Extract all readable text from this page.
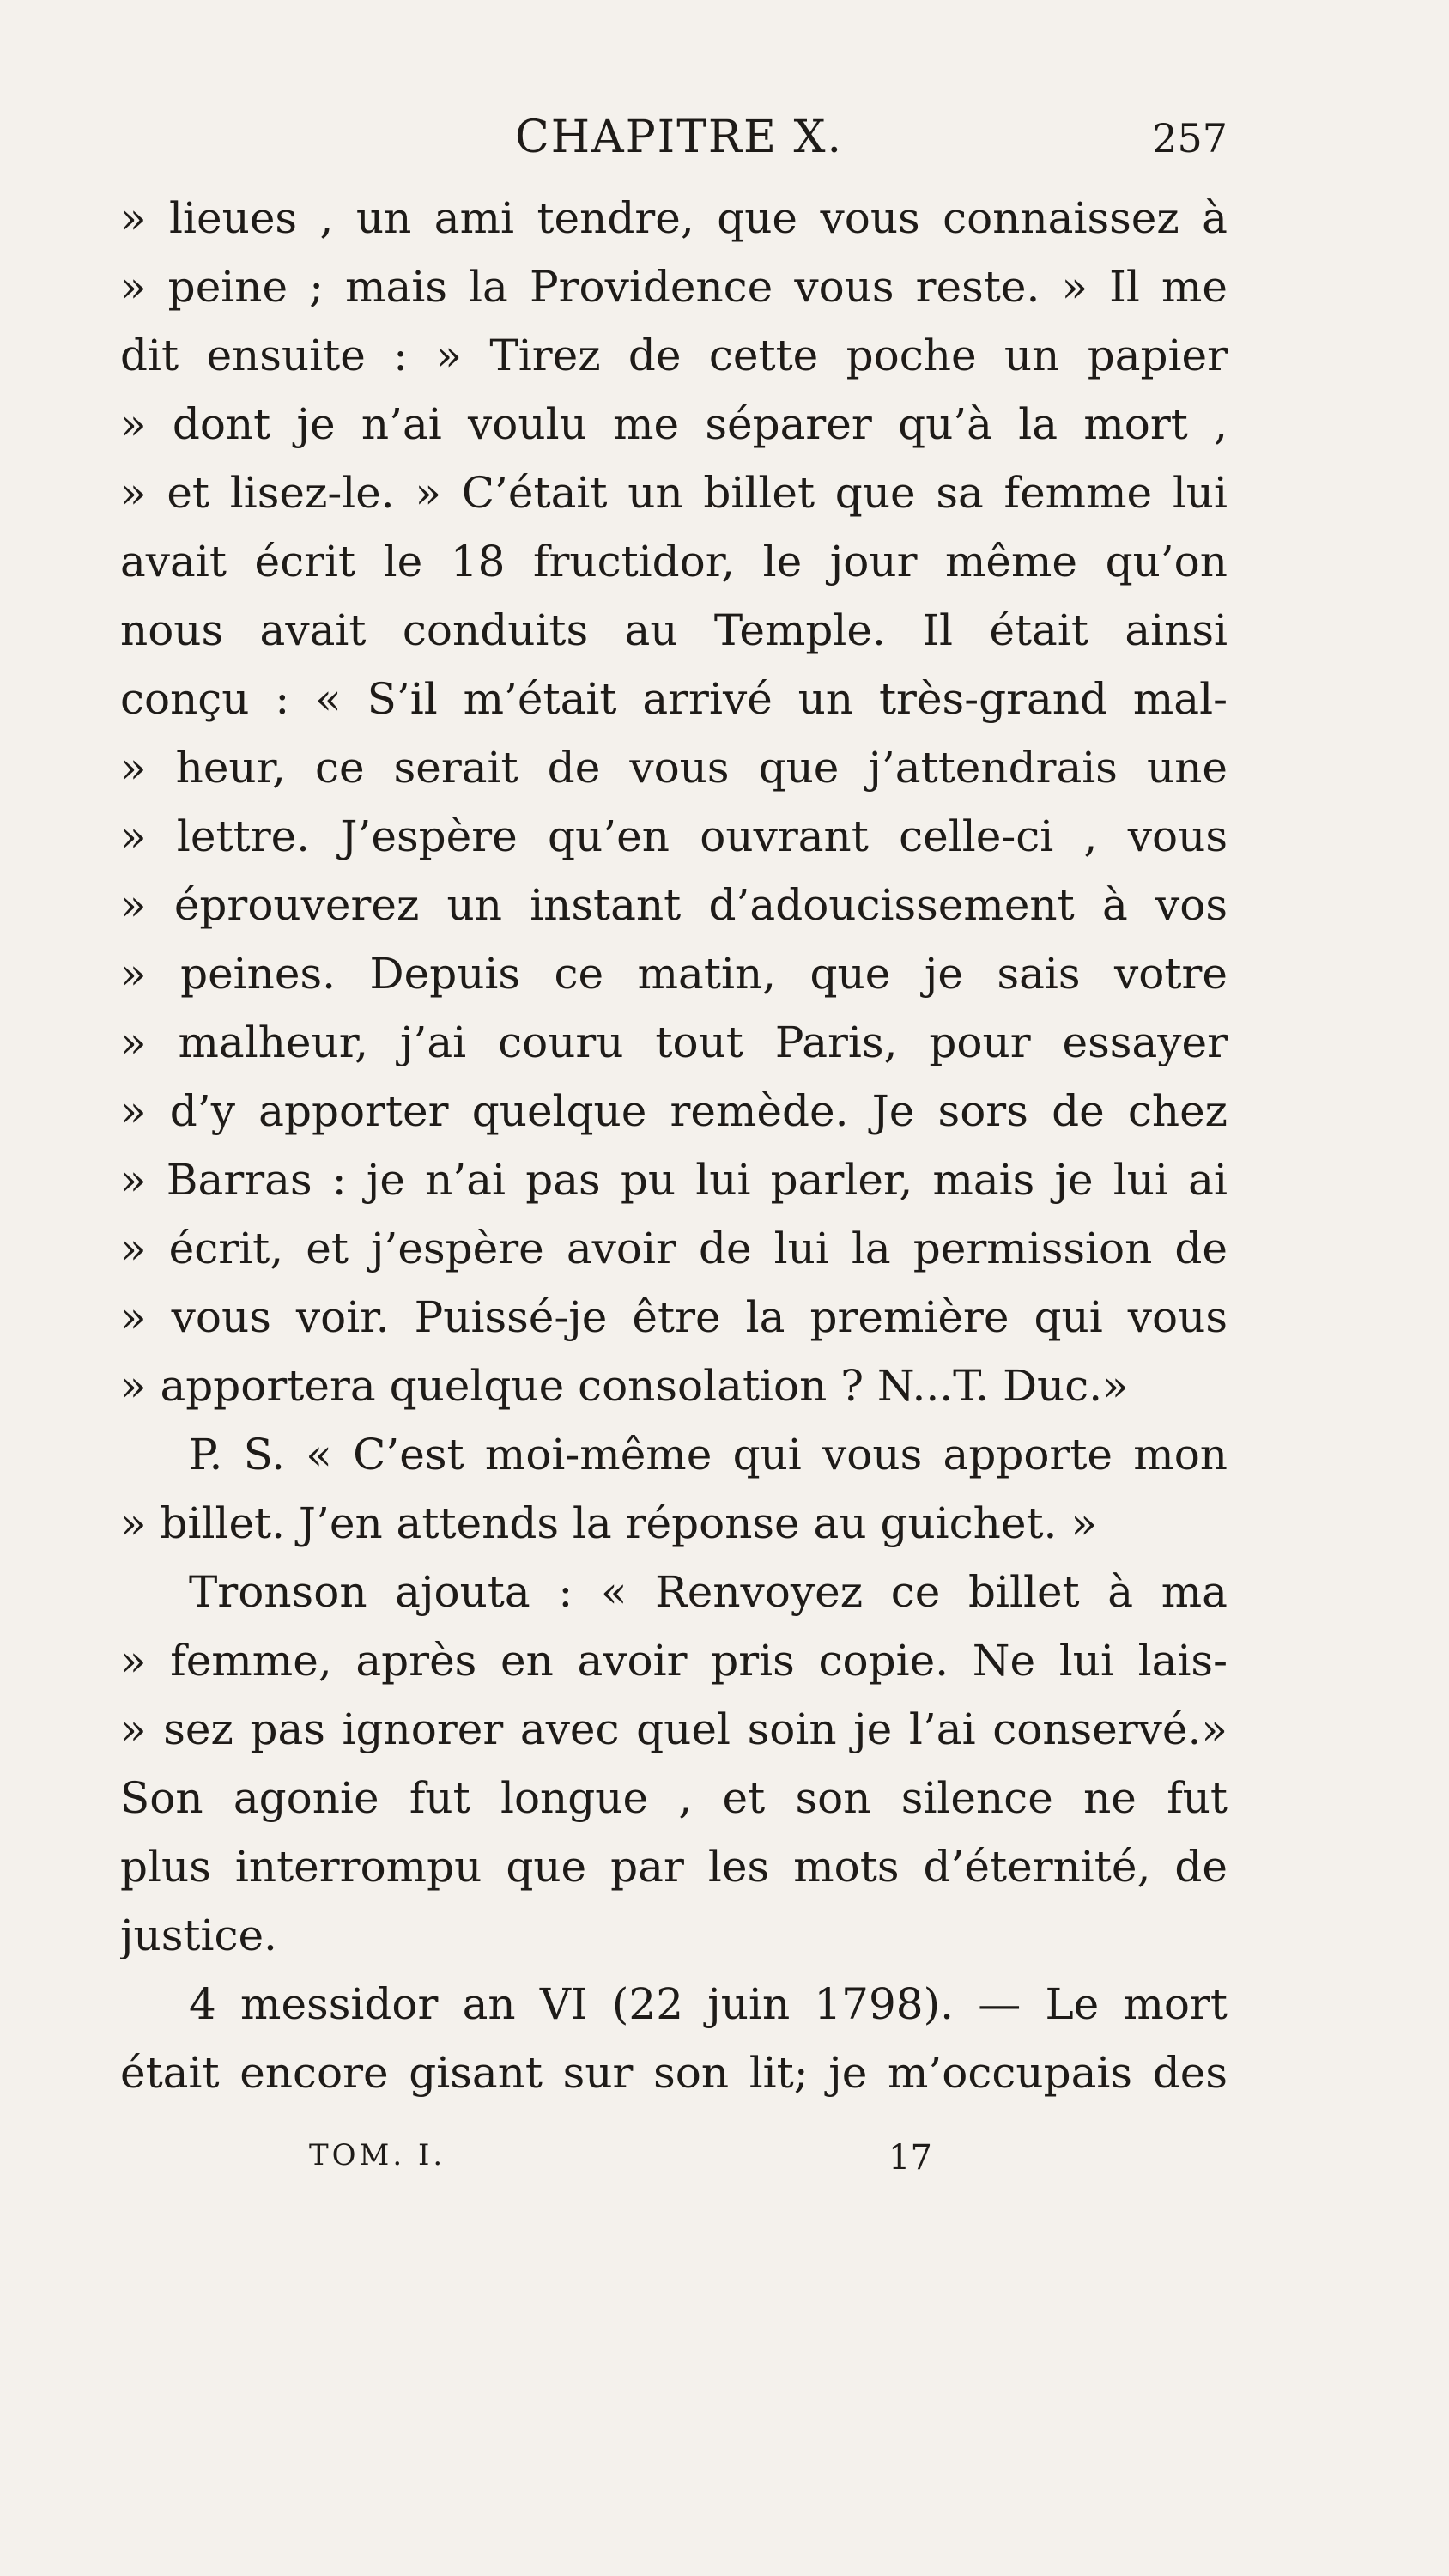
CHAPITRE X.	257
» lieues , un ami tendre, que vous connaissez à
» peine ; mais la Providence vous reste. » Il me
dit ensuite : » Tirez de cette poche un papier
» dont je n’ai voulu me séparer qu’à la mort ,
» et lisez-le. » C’était un billet que sa femme lui
avait écrit le 18 fructidor, le jour même qu’on
nous avait conduits au Temple. Il était ainsi
conçu : « S’il m’était arrivé un très-grand mal-
» heur, ce serait de vous que j’attendrais une
» lettre. J’espère qu’en ouvrant celle-ci , vous
» éprouverez un instant d’adoucissement à vos
» peines. Depuis ce matin, que je sais votre
» malheur, j’ai couru tout Paris, pour essayer
» d’y apporter quelque remède. Je sors de chez
» Barras : je n’ai pas pu lui parler, mais je lui ai
» écrit, et j’espère avoir de lui la permission de
» vous voir. Puissé-je être la première qui vous
» apportera quelque consolation ? N...T. Duc.»
P. S. « C’est moi-même qui vous apporte mon
» billet. J’en attends la réponse au guichet. »
Tronson ajouta : « Renvoyez ce billet à ma
» femme, après en avoir pris copie. Ne lui lais-
» sez pas ignorer avec quel soin je l’ai conservé.»
Son agonie fut longue , et son silence ne fut
plus interrompu que par les mots d’éternité, de
justice.
4 messidor an VI (22 juin 1798). — Le mort
était encore gisant sur son lit; je m’occupais des
TOM. I.	17
